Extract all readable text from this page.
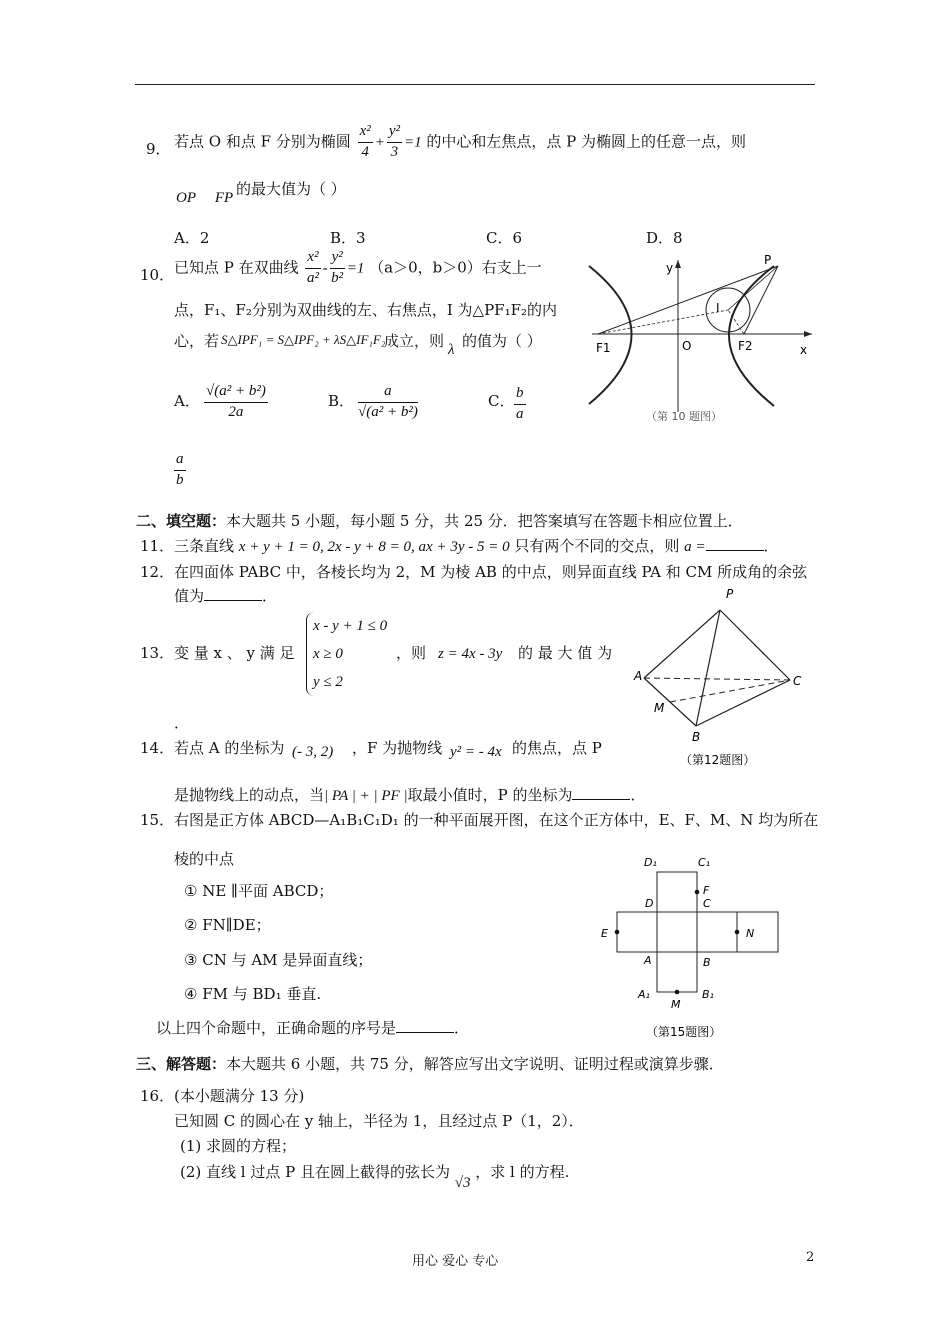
9． 若点 O 和点 F 分别为椭圆 $\frac{\text{x²}}{4} + \frac{\text{y²}}{3} =1$ 的中心和左焦点，点 P 为椭圆上的任意一点，则
OP ⃞ FP 的最大值为（ ）
A．2	B．3	C．6	D．8
10． 已知点 P 在双曲线 $\frac{\text{x²}}{\text{a²}} - \frac{\text{y²}}{\text{b²}} =1$ （a＞0，b＞0）右支上一
点，F₁、F₂分别为双曲线的左、右焦点，I 为△PF₁F₂的内
心，若 S△IPF₁ = S△IPF₂ + λS△IF₁F₂
成立，则 λ 的值为（ ）
A． $\frac{\text{√(a² + b²)}}{2a}$	B． $\frac{a}{\text{√(a² + b²)}}$	C． $\frac{b}{a}$
$\frac{a}{b}$
y
P
I
F1	O	F2	x
（第 10 题图）
二、填空题：本大题共 5 小题，每小题 5 分，共 25 分．把答案填写在答题卡相应位置上．
11． 三条直线 x + y + 1 = 0, 2x - y + 8 = 0, ax + 3y - 5 = 0 只有两个不同的交点，则 a =	．
12． 在四面体 PABC 中，各棱长均为 2，M 为棱 AB 的中点，则异面直线 PA 和 CM 所成角的余弦
值为	．	P
A	C
M
B
（第12题图）
13． 变 量 x 、 y 满 足
x - y + 1 ≤ 0
x ≥ 0
y ≤ 2
，则 z = 4x - 3y 的 最 大 值 为
．
14． 若点 A 的坐标为 (- 3, 2) ，F 为抛物线 y² = - 4x 的焦点，点 P
是抛物线上的动点，当| PA | + | PF |取最小值时，P 的坐标为	．
15． 右图是正方体 ABCD—A₁B₁C₁D₁ 的一种平面展开图，在这个正方体中，E、F、M、N 均为所在
棱的中点
① NE ∥平面 ABCD；
② FN∥DE；
③ CN 与 AM 是异面直线；
④ FM 与 BD₁ 垂直.
以上四个命题中，正确命题的序号是	．
D₁	C₁
F
D	C
E	N
A	B
A₁	B₁
M
（第15题图）
三、解答题：本大题共 6 小题，共 75 分，解答应写出文字说明、证明过程或演算步骤．
16． (本小题满分 13 分)
已知圆 C 的圆心在 y 轴上，半径为 1，且经过点 P（1，2）．
(1) 求圆的方程；
(2) 直线 l 过点 P 且在圆上截得的弦长为 √3 ，求 l 的方程.
用心 爱心 专心	2
